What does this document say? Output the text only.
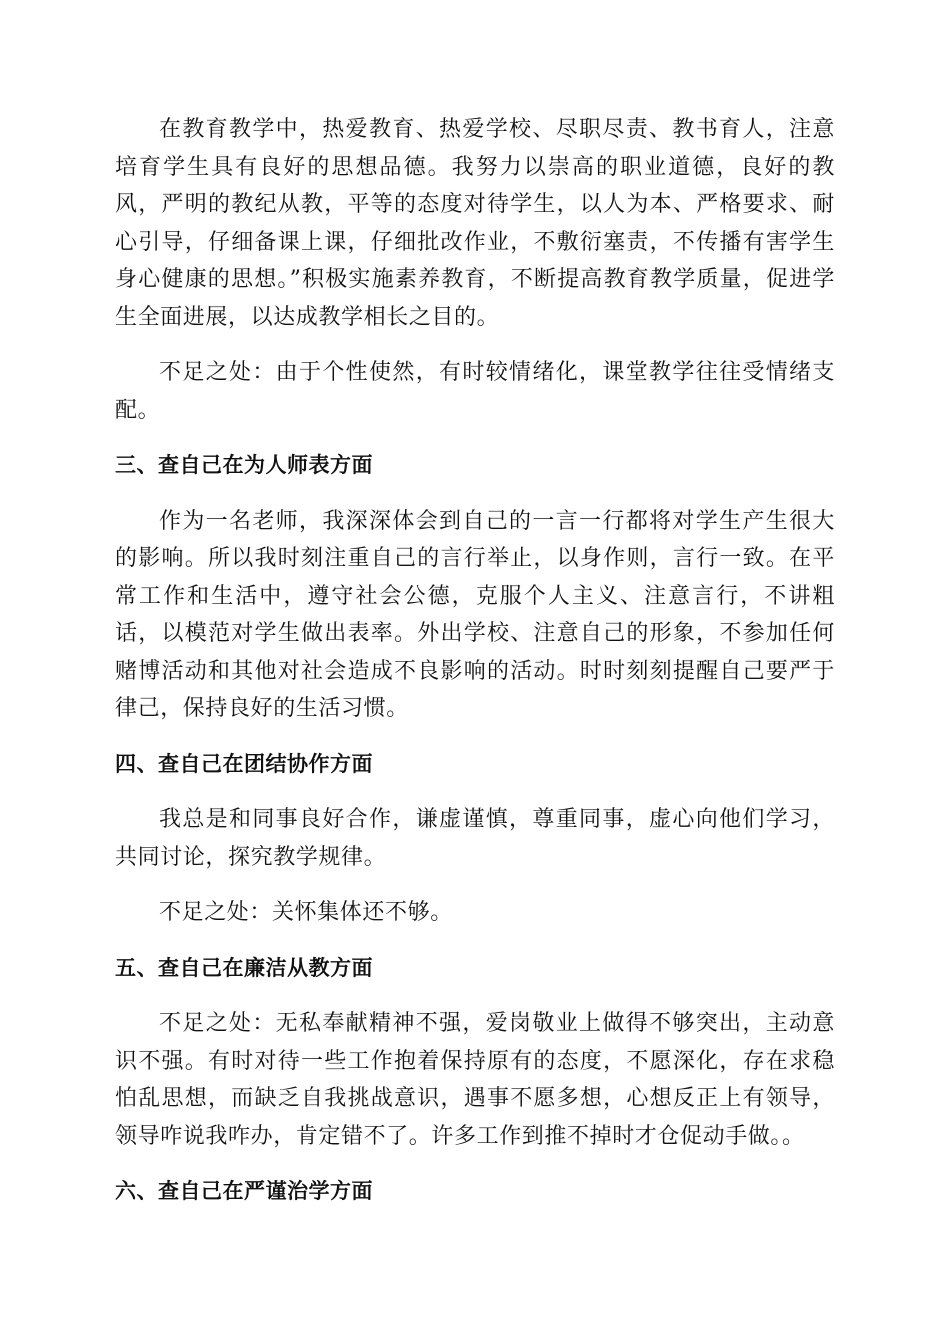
在教育教学中，热爱教育、热爱学校、尽职尽责、教书育人，注意培育学生具有良好的思想品德。我努力以崇高的职业道德，良好的教风，严明的教纪从教，平等的态度对待学生，以人为本、严格要求、耐心引导，仔细备课上课，仔细批改作业，不敷衍塞责，不传播有害学生身心健康的思想。”积极实施素养教育，不断提高教育教学质量，促进学生全面进展，以达成教学相长之目的。

不足之处：由于个性使然，有时较情绪化，课堂教学往往受情绪支配。

三、查自己在为人师表方面

作为一名老师，我深深体会到自己的一言一行都将对学生产生很大的影响。所以我时刻注重自己的言行举止，以身作则，言行一致。在平常工作和生活中，遵守社会公德，克服个人主义、注意言行，不讲粗话，以模范对学生做出表率。外出学校、注意自己的形象，不参加任何赌博活动和其他对社会造成不良影响的活动。时时刻刻提醒自己要严于律己，保持良好的生活习惯。

四、查自己在团结协作方面

我总是和同事良好合作，谦虚谨慎，尊重同事，虚心向他们学习，共同讨论，探究教学规律。

不足之处：关怀集体还不够。

五、查自己在廉洁从教方面

不足之处：无私奉献精神不强，爱岗敬业上做得不够突出，主动意识不强。有时对待一些工作抱着保持原有的态度，不愿深化，存在求稳怕乱思想，而缺乏自我挑战意识，遇事不愿多想，心想反正上有领导，领导咋说我咋办，肯定错不了。许多工作到推不掉时才仓促动手做。。

六、查自己在严谨治学方面
